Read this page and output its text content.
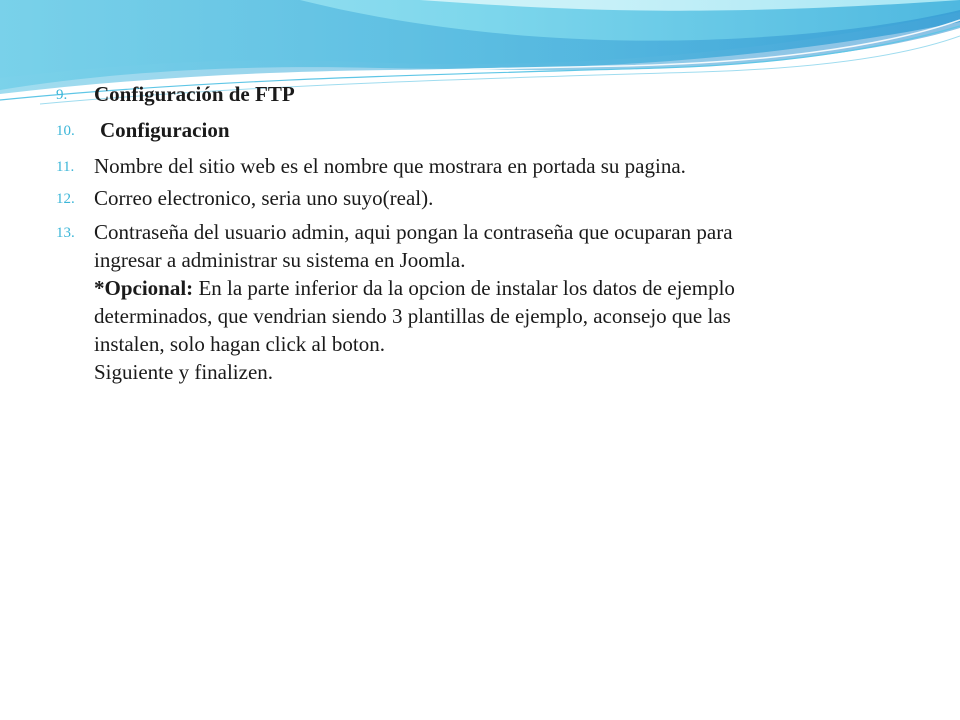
9. Configuración de FTP
10. Configuracion
11. Nombre del sitio web es el nombre que mostrara en portada su pagina.
12. Correo electronico, seria uno suyo(real).
13. Contraseña del usuario admin, aqui pongan la contraseña que ocuparan para
ingresar a administrar su sistema en Joomla.
*Opcional: En la parte inferior da la opcion de instalar los datos de ejemplo
determinados, que vendrian siendo 3 plantillas de ejemplo, aconsejo que las
instalen, solo hagan click al boton.
Siguiente y finalizen.
